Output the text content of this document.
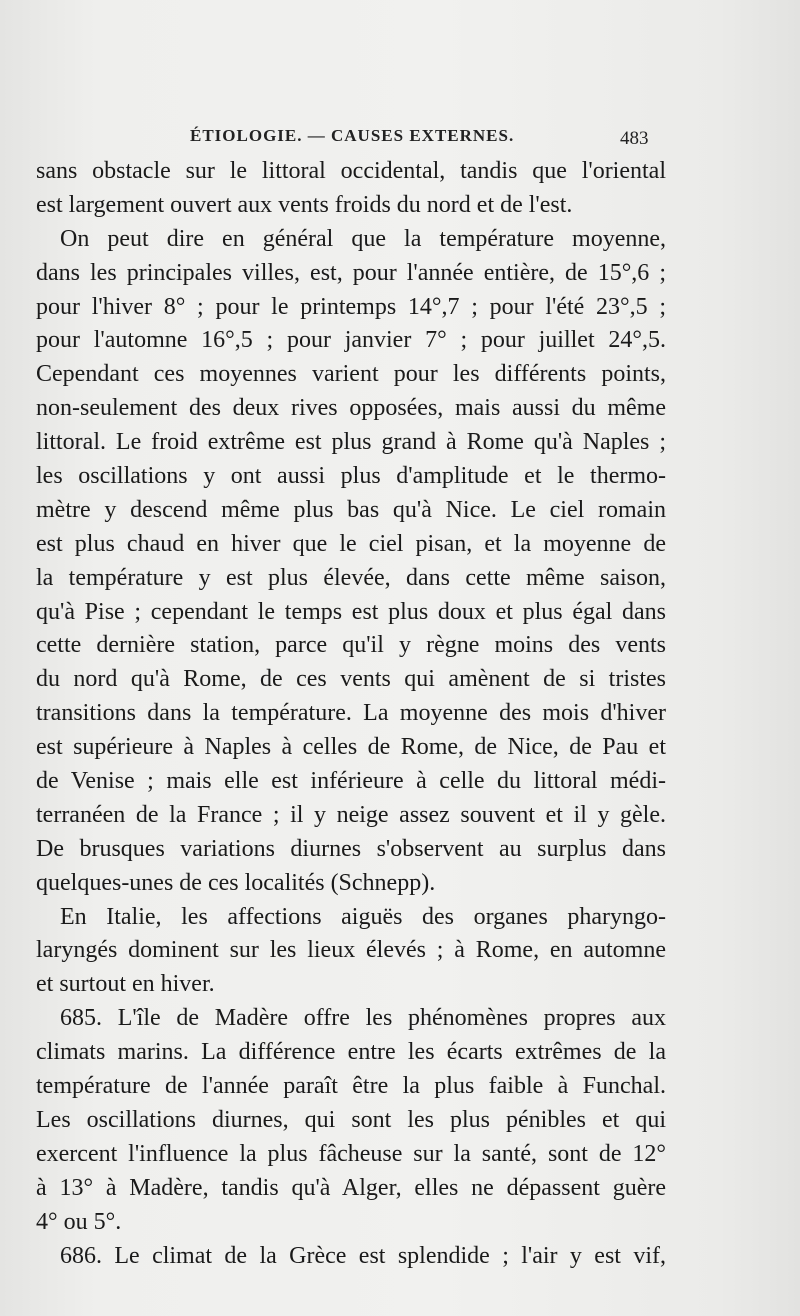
ÉTIOLOGIE. — CAUSES EXTERNES.	483
sans obstacle sur le littoral occidental, tandis que l'oriental
est largement ouvert aux vents froids du nord et de l'est.
On peut dire en général que la température moyenne,
dans les principales villes, est, pour l'année entière, de 15°,6 ;
pour l'hiver 8° ; pour le printemps 14°,7 ; pour l'été 23°,5 ;
pour l'automne 16°,5 ; pour janvier 7° ; pour juillet 24°,5.
Cependant ces moyennes varient pour les différents points,
non-seulement des deux rives opposées, mais aussi du même
littoral. Le froid extrême est plus grand à Rome qu'à Naples ;
les oscillations y ont aussi plus d'amplitude et le thermo-
mètre y descend même plus bas qu'à Nice. Le ciel romain
est plus chaud en hiver que le ciel pisan, et la moyenne de
la température y est plus élevée, dans cette même saison,
qu'à Pise ; cependant le temps est plus doux et plus égal dans
cette dernière station, parce qu'il y règne moins des vents
du nord qu'à Rome, de ces vents qui amènent de si tristes
transitions dans la température. La moyenne des mois d'hiver
est supérieure à Naples à celles de Rome, de Nice, de Pau et
de Venise ; mais elle est inférieure à celle du littoral médi-
terranéen de la France ; il y neige assez souvent et il y gèle.
De brusques variations diurnes s'observent au surplus dans
quelques-unes de ces localités (Schnepp).
En Italie, les affections aiguës des organes pharyngo-
laryngés dominent sur les lieux élevés ; à Rome, en automne
et surtout en hiver.
685. L'île de Madère offre les phénomènes propres aux
climats marins. La différence entre les écarts extrêmes de la
température de l'année paraît être la plus faible à Funchal.
Les oscillations diurnes, qui sont les plus pénibles et qui
exercent l'influence la plus fâcheuse sur la santé, sont de 12°
à 13° à Madère, tandis qu'à Alger, elles ne dépassent guère
4° ou 5°.
686. Le climat de la Grèce est splendide ; l'air y est vif,
